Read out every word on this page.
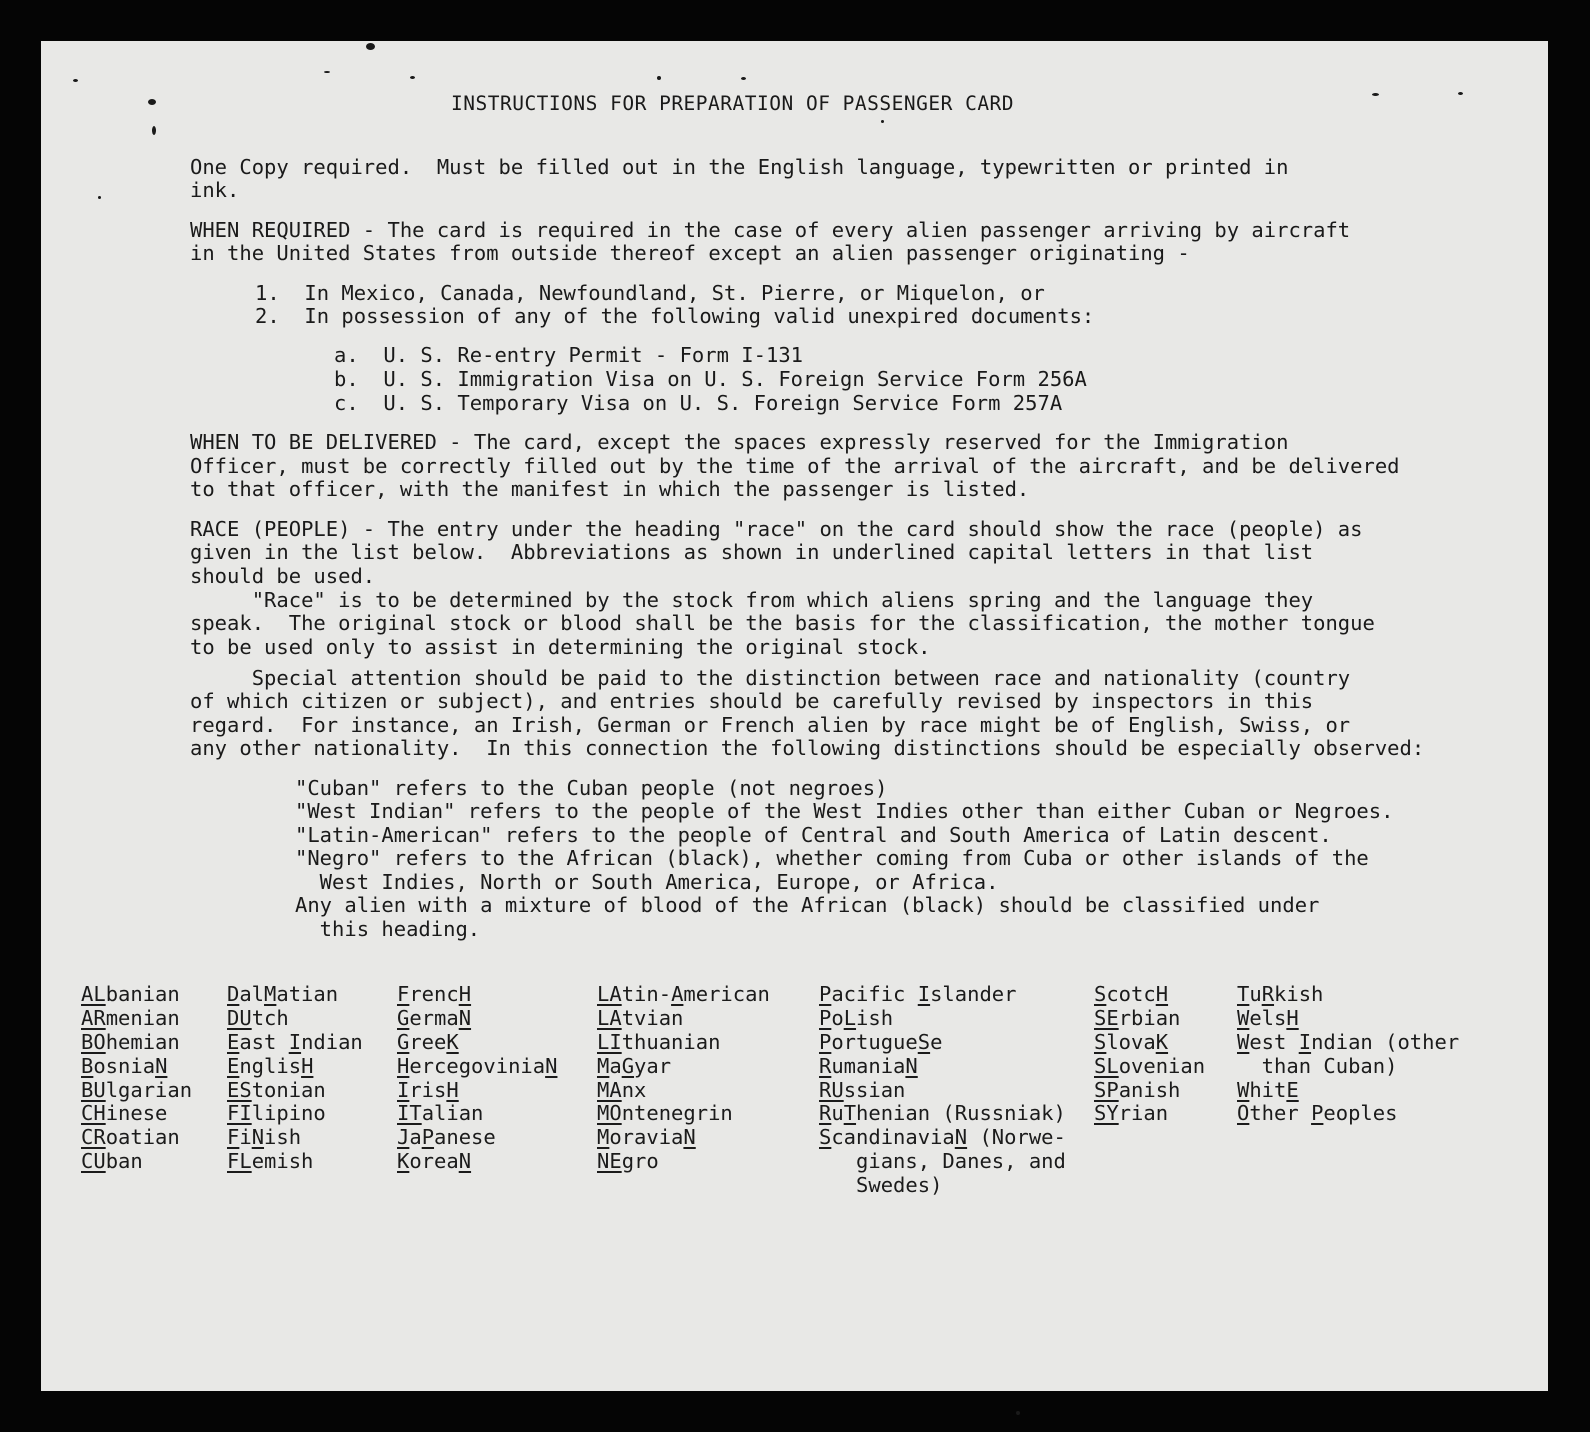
INSTRUCTIONS FOR PREPARATION OF PASSENGER CARD
One Copy required.  Must be filled out in the English language, typewritten or printed in
ink.
WHEN REQUIRED - The card is required in the case of every alien passenger arriving by aircraft
in the United States from outside thereof except an alien passenger originating -
1.  In Mexico, Canada, Newfoundland, St. Pierre, or Miquelon, or
2.  In possession of any of the following valid unexpired documents:
a.  U. S. Re-entry Permit - Form I-131
b.  U. S. Immigration Visa on U. S. Foreign Service Form 256A
c.  U. S. Temporary Visa on U. S. Foreign Service Form 257A
WHEN TO BE DELIVERED - The card, except the spaces expressly reserved for the Immigration
Officer, must be correctly filled out by the time of the arrival of the aircraft, and be delivered
to that officer, with the manifest in which the passenger is listed.
RACE (PEOPLE) - The entry under the heading "race" on the card should show the race (people) as
given in the list below.  Abbreviations as shown in underlined capital letters in that list
should be used.
"Race" is to be determined by the stock from which aliens spring and the language they
speak.  The original stock or blood shall be the basis for the classification, the mother tongue
to be used only to assist in determining the original stock.
Special attention should be paid to the distinction between race and nationality (country
of which citizen or subject), and entries should be carefully revised by inspectors in this
regard.  For instance, an Irish, German or French alien by race might be of English, Swiss, or
any other nationality.  In this connection the following distinctions should be especially observed:
"Cuban" refers to the Cuban people (not negroes)
"West Indian" refers to the people of the West Indies other than either Cuban or Negroes.
"Latin-American" refers to the people of Central and South America of Latin descent.
"Negro" refers to the African (black), whether coming from Cuba or other islands of the
West Indies, North or South America, Europe, or Africa.
Any alien with a mixture of blood of the African (black) should be classified under
this heading.
ALbanian
ARmenian
BOhemian
BosniaN
BUlgarian
CHinese
CRoatian
CUban
DalMatian
DUtch
East Indian
EnglisH
EStonian
FIlipino
FiNish
FLemish
FrencH
GermaN
GreeK
HercegoviniaN
IrisH
ITalian
JaPanese
KoreaN
LAtin-American
LAtvian
LIthuanian
MaGyar
MAnx
MOntenegrin
MoraviaN
NEgro
Pacific Islander
PoLish
PortugueSe
RumaniaN
RUssian
RuThenian (Russniak)
ScandinaviaN (Norwe-
gians, Danes, and
Swedes)
ScotcH
SErbian
SlovaK
SLovenian
SPanish
SYrian
TuRkish
WelsH
West Indian (other
than Cuban)
WhitE
Other Peoples
